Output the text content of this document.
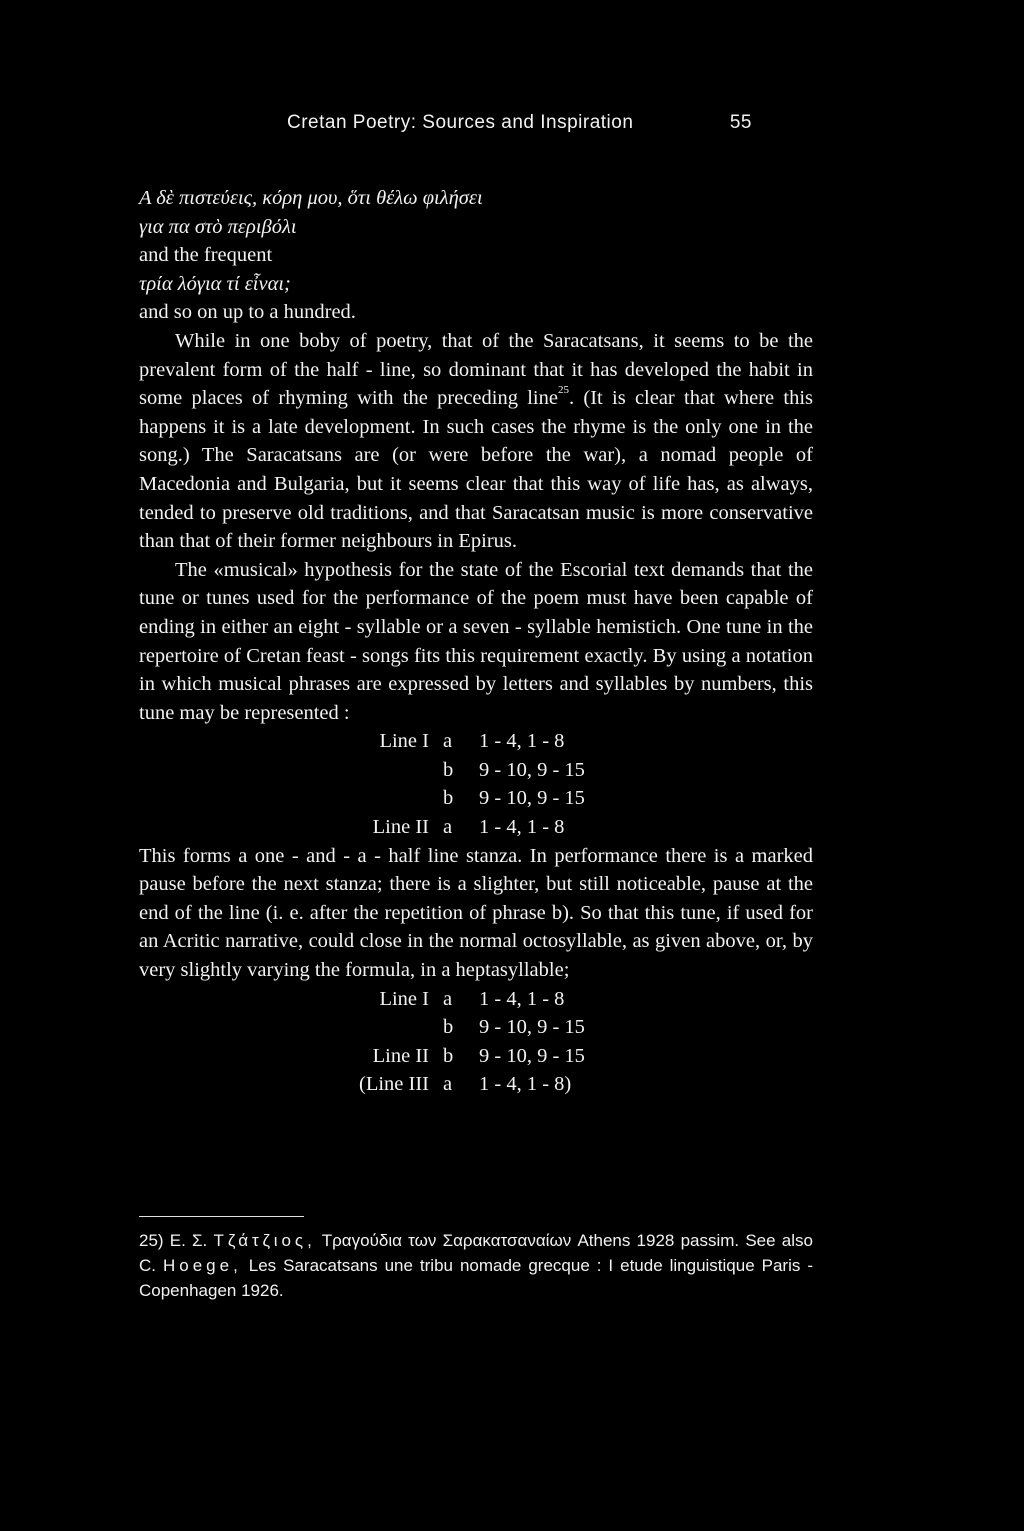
Cretan Poetry: Sources and Inspiration	55

Α δὲ πιστεύεις, κόρη μου, ὅτι θέλω φιλήσει

για πα στὸ περιβόλι

and the frequent

τρία λόγια τί εἶναι;

and so on up to a hundred.

While in one boby of poetry, that of the Saracatsans, it seems to be the prevalent form of the half - line, so dominant that it has developed the habit in some places of rhyming with the preceding line$^{25}$. (It is clear that where this happens it is a late development. In such cases the rhyme is the only one in the song.) The Saracatsans are (or were before the war), a nomad people of Macedonia and Bulgaria, but it seems clear that this way of life has, as always, tended to preserve old traditions, and that Saracatsan music is more conservative than that of their former neighbours in Epirus.

The «musical» hypothesis for the state of the Escorial text demands that the tune or tunes used for the performance of the poem must have been capable of ending in either an eight - syllable or a seven - syllable hemistich. One tune in the repertoire of Cretan feast - songs fits this requirement exactly. By using a notation in which musical phrases are expressed by letters and syllables by numbers, this tune may be represented :

Line I a	1 - 4, 1 - 8
b	9 - 10, 9 - 15
b	9 - 10, 9 - 15
Line II a	1 - 4, 1 - 8

This forms a one - and - a - half line stanza. In performance there is a marked pause before the next stanza; there is a slighter, but still noticeable, pause at the end of the line (i. e. after the repetition of phrase b). So that this tune, if used for an Acritic narrative, could close in the normal octosyllable, as given above, or, by very slightly varying the formula, in a heptasyllable;

Line I a	1 - 4, 1 - 8
b	9 - 10, 9 - 15
Line II b	9 - 10, 9 - 15
(Line III a	1 - 4, 1 - 8)
25) E. Σ. Τζάτζιος, Τραγούδια των Σαρακατσαναίων Athens 1928 passim. See also C. Hoege, Les Saracatsans une tribu nomade grecque : I etude linguistique Paris - Copenhagen 1926.
